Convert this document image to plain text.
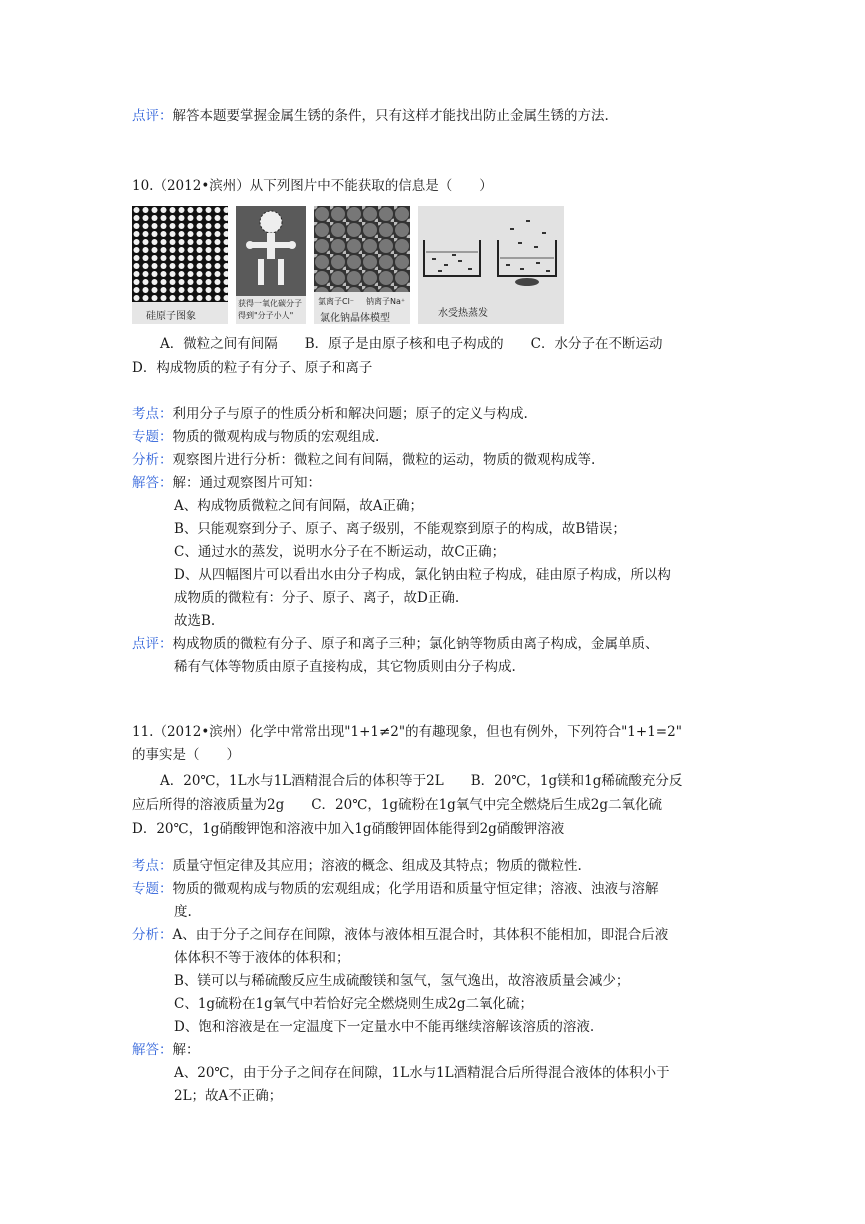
点评：解答本题要掌握金属生锈的条件，只有这样才能找出防止金属生锈的方法.
10.（2012•滨州）从下列图片中不能获取的信息是（　　）
硅原子图象
获得一氧化碳分子
得到"分子小人"
氯离子Cl⁻ 钠离子Na⁺
氯化钠晶体模型	水受热蒸发
A．微粒之间有间隔　　B．原子是由原子核和电子构成的　　C．水分子在不断运动
D．构成物质的粒子有分子、原子和离子
考点：利用分子与原子的性质分析和解决问题；原子的定义与构成.
专题：物质的微观构成与物质的宏观组成.
分析：观察图片进行分析：微粒之间有间隔，微粒的运动，物质的微观构成等.
解答：解：通过观察图片可知：
A、构成物质微粒之间有间隔，故A正确；
B、只能观察到分子、原子、离子级别，不能观察到原子的构成，故B错误；
C、通过水的蒸发，说明水分子在不断运动，故C正确；
D、从四幅图片可以看出水由分子构成，氯化钠由粒子构成，硅由原子构成，所以构
成物质的微粒有：分子、原子、离子，故D正确.
故选B.
点评：构成物质的微粒有分子、原子和离子三种；氯化钠等物质由离子构成，金属单质、
稀有气体等物质由原子直接构成，其它物质则由分子构成.
11.（2012•滨州）化学中常常出现"1+1≠2"的有趣现象，但也有例外，下列符合"1+1=2"
的事实是（　　）
A．20℃，1L水与1L酒精混合后的体积等于2L　　B．20℃，1g镁和1g稀硫酸充分反
应后所得的溶液质量为2g　　C．20℃，1g硫粉在1g氧气中完全燃烧后生成2g二氧化硫
D．20℃，1g硝酸钾饱和溶液中加入1g硝酸钾固体能得到2g硝酸钾溶液
考点：质量守恒定律及其应用；溶液的概念、组成及其特点；物质的微粒性.
专题：物质的微观构成与物质的宏观组成；化学用语和质量守恒定律；溶液、浊液与溶解
度.
分析：A、由于分子之间存在间隙，液体与液体相互混合时，其体积不能相加，即混合后液
体体积不等于液体的体积和；
B、镁可以与稀硫酸反应生成硫酸镁和氢气，氢气逸出，故溶液质量会减少；
C、1g硫粉在1g氧气中若恰好完全燃烧则生成2g二氧化硫；
D、饱和溶液是在一定温度下一定量水中不能再继续溶解该溶质的溶液.
解答：解：
A、20℃，由于分子之间存在间隙，1L水与1L酒精混合后所得混合液体的体积小于
2L；故A不正确；
